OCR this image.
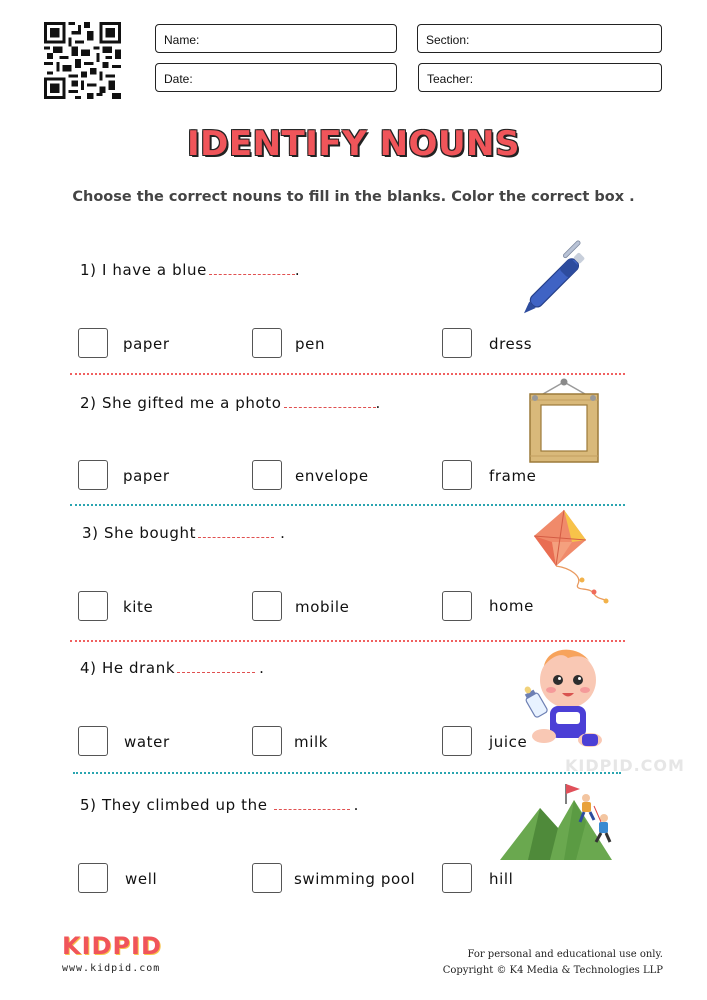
Name:	Section:
Date:	Teacher:
IDENTIFY NOUNS
Choose the correct nouns to fill in the blanks. Color the correct box .
1) I have a blue	.
paper	pen	dress
2) She gifted me a photo	.
paper	envelope	frame
3) She bought	.
kite	mobile	home
4) He drank	.
water	milk	juice
KIDPID.COM
5) They climbed up the	.
well	swimming pool	hill
KIDPID
www.kidpid.com
For personal and educational use only.
Copyright © K4 Media & Technologies LLP
